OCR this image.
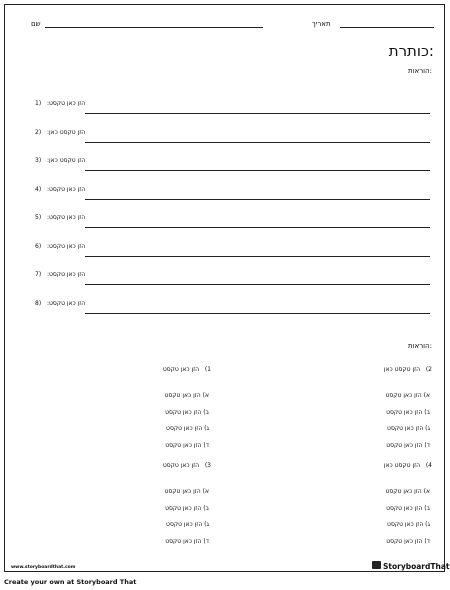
שם	תאריך
:כותרת
:הוראות
1) הזן כאן טקסט:
2) הזן טקסט כאן:
3) הזן טקסט כאן:
4) הזן כאן טקסט:
5) הזן כאן טקסט:
6) הזן כאן טקסט:
7) הזן כאן טקסט:
8) הזן כאן טקסט:
:הוראות
2)   הזן טקסט כאן
א) הזן כאן טקסט
ב) הזן כאן טקסט
ג) הזן כאן טקסט
ד) הזן כאן טקסט
1)   הזן כאן טקסט
א) הזן כאן טקסט
ב) הזן כאן טקסט
ג) הזן כאן טקסט
ד) הזן כאן טקסט
4)   הזן טקסט כאן
א) הזן כאן טקסט
ב) הזן כאן טקסט
ג) הזן כאן טקסט
ד) הזן כאן טקסט
3)   הזן כאן טקסט
א) הזן כאן טקסט
ב) הזן כאן טקסט
ג) הזן כאן טקסט
ד) הזן כאן טקסט
www.storyboardthat.com	StoryboardThat
Create your own at Storyboard That
